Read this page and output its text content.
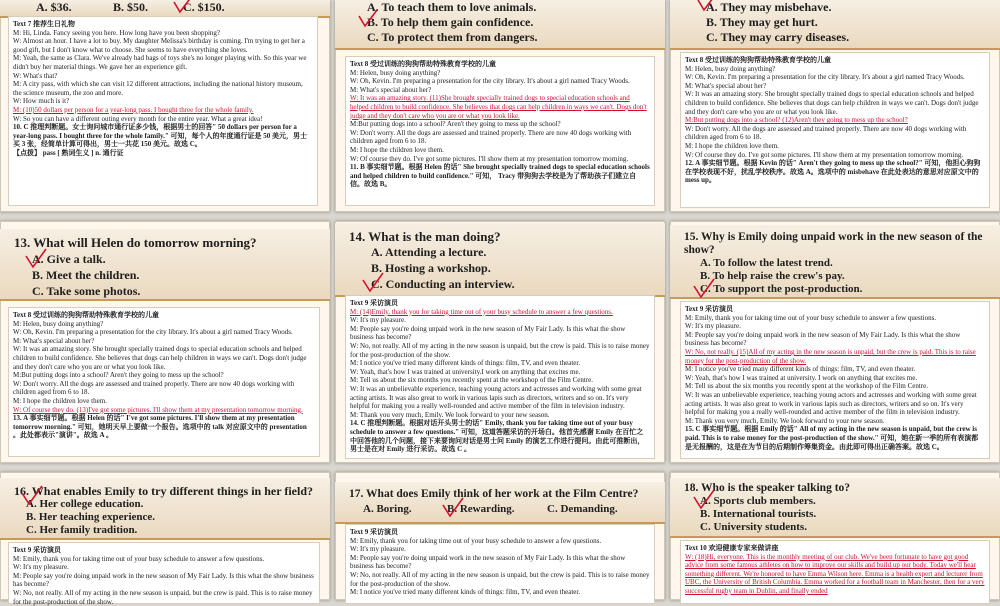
A. $36.	B. $50.	C. $150.
Text 7 推荐生日礼物
M: Hi, Linda. Fancy seeing you here. How long have you been shopping?
W: Almost an hour. I have a lot to buy. My daughter Melissa's birthday is coming. I'm trying to get her a good gift, but I don't know what to choose. She seems to have everything she loves.
M: Yeah, the same as Clara. We've already had bags of toys she's no longer playing with. So this year we didn't buy her material things. We gave her an experience gift.
W: What's that?
M: A city pass, with which she can visit 12 different attractions, including the national history museum, the science museum, the zoo and more.
W: How much is it?
M: (10)50 dollars per person for a year-long pass. I bought three for the whole family.
W: So you can have a different outing every month for the entire year. What a great idea!
10. C 推理判断题。女士询问城市通行证多少钱，根据男士的回答" 50 dollars per person for a year-long pass. I bought three for the whole family." 可知，每个人的年度通行证是 50 美元，男士买 3 张，经简单计算可得出，男士一共花 150 美元。故选 C。
【点拨】 pass [ 熟词生义 ] n. 通行证
A. To teach them to love animals.
B. To help them gain confidence.
C. To protect them from dangers.
Text 8 受过训练的狗狗帮助特殊教育学校的儿童
M: Helen, busy doing anything?
W: Oh, Kevin. I'm preparing a presentation for the city library. It's about a girl named Tracy Woods.
M: What's special about her?
W: It was an amazing story. (11)She brought specially trained dogs to special education schools and helped children to build confidence. She believes that dogs can help children in ways we can't. Dogs don't judge and they don't care who you are or what you look like.
M:But putting dogs into a school? Aren't they going to mess up the school?
W: Don't worry. All the dogs are assessed and trained properly. There are now 40 dogs working with children aged from 6 to 18.
M: I hope the children love them.
W: Of course they do. I've got some pictures. I'll show them at my presentation tomorrow morning.
11. B 事实细节题。根据 Helen 的话" She brought specially trained dogs to special education schools and helped children to build confidence." 可知， Tracy 带狗狗去学校是为了帮助孩子们建立自信。故选 B。
A. They may misbehave.
B. They may get hurt.
C. They may carry diseases.
Text 8 受过训练的狗狗帮助特殊教育学校的儿童
M: Helen, busy doing anything?
W: Oh, Kevin. I'm preparing a presentation for the city library. It's about a girl named Tracy Woods.
M: What's special about her?
W: It was an amazing story. She brought specially trained dogs to special education schools and helped children to build confidence. She believes that dogs can help children in ways we can't. Dogs don't judge and they don't care who you are or what you look like.
M:But putting dogs into a school? (12)Aren't they going to mess up the school?
W: Don't worry. All the dogs are assessed and trained properly. There are now 40 dogs working with children aged from 6 to 18.
M: I hope the children love them.
W: Of course they do. I've got some pictures. I'll show them at my presentation tomorrow morning.
12. A 事实细节题。根据 Kevin 的话" Aren't they going to mess up the school?" 可知，他担心狗狗在学校表现不好，扰乱学校秩序。故选 A。选项中的 misbehave 在此处表达的意思对应原文中的 mess up。
13. What will Helen do tomorrow morning?
A. Give a talk.
B. Meet the children.
C. Take some photos.
Text 8 受过训练的狗狗帮助特殊教育学校的儿童
M: Helen, busy doing anything?
W: Oh, Kevin. I'm preparing a presentation for the city library. It's about a girl named Tracy Woods.
M: What's special about her?
W: It was an amazing story. She brought specially trained dogs to special education schools and helped children to build confidence. She believes that dogs can help children in ways we can't. Dogs don't judge and they don't care who you are or what you look like.
M:But putting dogs into a school? Aren't they going to mess up the school?
W: Don't worry. All the dogs are assessed and trained properly. There are now 40 dogs working with children aged from 6 to 18.
M: I hope the children love them.
W: Of course they do. (13)I've got some pictures. I'll show them at my presentation tomorrow morning.
13. A 事实细节题。根据 Helen 的话" I've got some pictures. I'll show them at my presentation tomorrow morning." 可知，她明天早上要做一个报告。选项中的 talk 对应原文中的 presentation 。此处都表示"演讲"。故选 A 。
14. What is the man doing?
A. Attending a lecture.
B. Hosting a workshop.
C. Conducting an interview.
Text 9 采访演员
M: (14)Emily, thank you for taking time out of your busy schedule to answer a few questions.
W: It's my pleasure.
M: People say you're doing unpaid work in the new season of My Fair Lady. Is this what the show business has become?
W: No, not really. All of my acting in the new season is unpaid, but the crew is paid. This is to raise money for the post-production of the show.
M: I notice you've tried many different kinds of things: film, TV, and even theater.
W: Yeah, that's how I was trained at university.I work on anything that excites me.
M: Tell us about the six months you recently spent at the workshop of the Film Centre.
W: It was an unbelievable experience, teaching young actors and actresses and working with some great acting artists. It was also great to work in various lapis such as directors, writers and so on. It's very helpful for making you a really well-rounded and active member of the film in television industry.
M: Thank you very much, Emily. We look forward to your new season.
14. C 推理判断题。根据对话开头男士的话" Emily, thank you for taking time out of your busy schedule to answer a few questions." 可知，这道答题采访的开场白。他首先感谢 Emily 在百忙之中回答他的几个问题，接下来要询问对话是男士问 Emily 的演艺工作进行提问。由此可推断出，男士是在对 Emily 进行采访。故选 C 。
15. Why is Emily doing unpaid work in the new season of the show?
A. To follow the latest trend.
B. To help raise the crew's pay.
C. To support the post-production.
Text 9 采访演员
M: Emily, thank you for taking time out of your busy schedule to answer a few questions.
W: It's my pleasure.
M: People say you're doing unpaid work in the new season of My Fair Lady. Is this what the show business has become?
W: No, not really. (15)All of my acting in the new season is unpaid, but the crew is paid. This is to raise money for the post-production of the show.
M: I notice you've tried many different kinds of things: film, TV, and even theater.
W: Yeah, that's how I was trained at university. I work on anything that excites me.
M: Tell us about the six months you recently spent at the workshop of the Film Centre.
W: It was an unbelievable experience, teaching young actors and actresses and working with some great acting artists. It was also great to work in various lapis such as directors, writers and so on. It's very helpful for making you a really well-rounded and active member of the film in television industry.
M: Thank you very much, Emily. We look forward to your new season.
15. C 事实细节题。根据 Emily 的话" All of my acting in the new season is unpaid, but the crew is paid. This is to raise money for the post-production of the show." 可知，她在新一季的所有表演都是无报酬的，这是在为节目的后期制作筹集资金。由此即可得出正确答案。故选 C。
16. What enables Emily to try different things in her field?
A. Her college education.
B. Her teaching experience.
C. Her family tradition.
Text 9 采访演员
M: Emily, thank you for taking time out of your busy schedule to answer a few questions.
W: It's my pleasure.
M: People say you're doing unpaid work in the new season of My Fair Lady. Is this what the show business has become?
W: No, not really. All of my acting in the new season is unpaid, but the crew is paid. This is to raise money for the post-production of the show.
17. What does Emily think of her work at the Film Centre?
A. Boring.	B. Rewarding.	C. Demanding.
Text 9 采访演员
M: Emily, thank you for taking time out of your busy schedule to answer a few questions.
W: It's my pleasure.
M: People say you're doing unpaid work in the new season of My Fair Lady. Is this what the show business has become?
W: No, not really. All of my acting in the new season is unpaid, but the crew is paid. This is to raise money for the post-production of the show.
M: I notice you've tried many different kinds of things: film, TV, and even theater.
18. Who is the speaker talking to?
A. Sports club members.
B. International tourists.
C. University students.
Text 10 欢迎健康专家来做讲座
W: (18)Hi, everyone. This is the monthly meeting of our club. We've been fortunate to have got good advice from some famous athletes on how to improve our skills and build up our body. Today we'll hear something different. We're honored to have Emma Wilson here. Emma is a health expert and lecturer from UBC, the University of British Columbia. Emma worked for a football team in Manchester, then for a very successful rugby team in Dublin, and finally ended
